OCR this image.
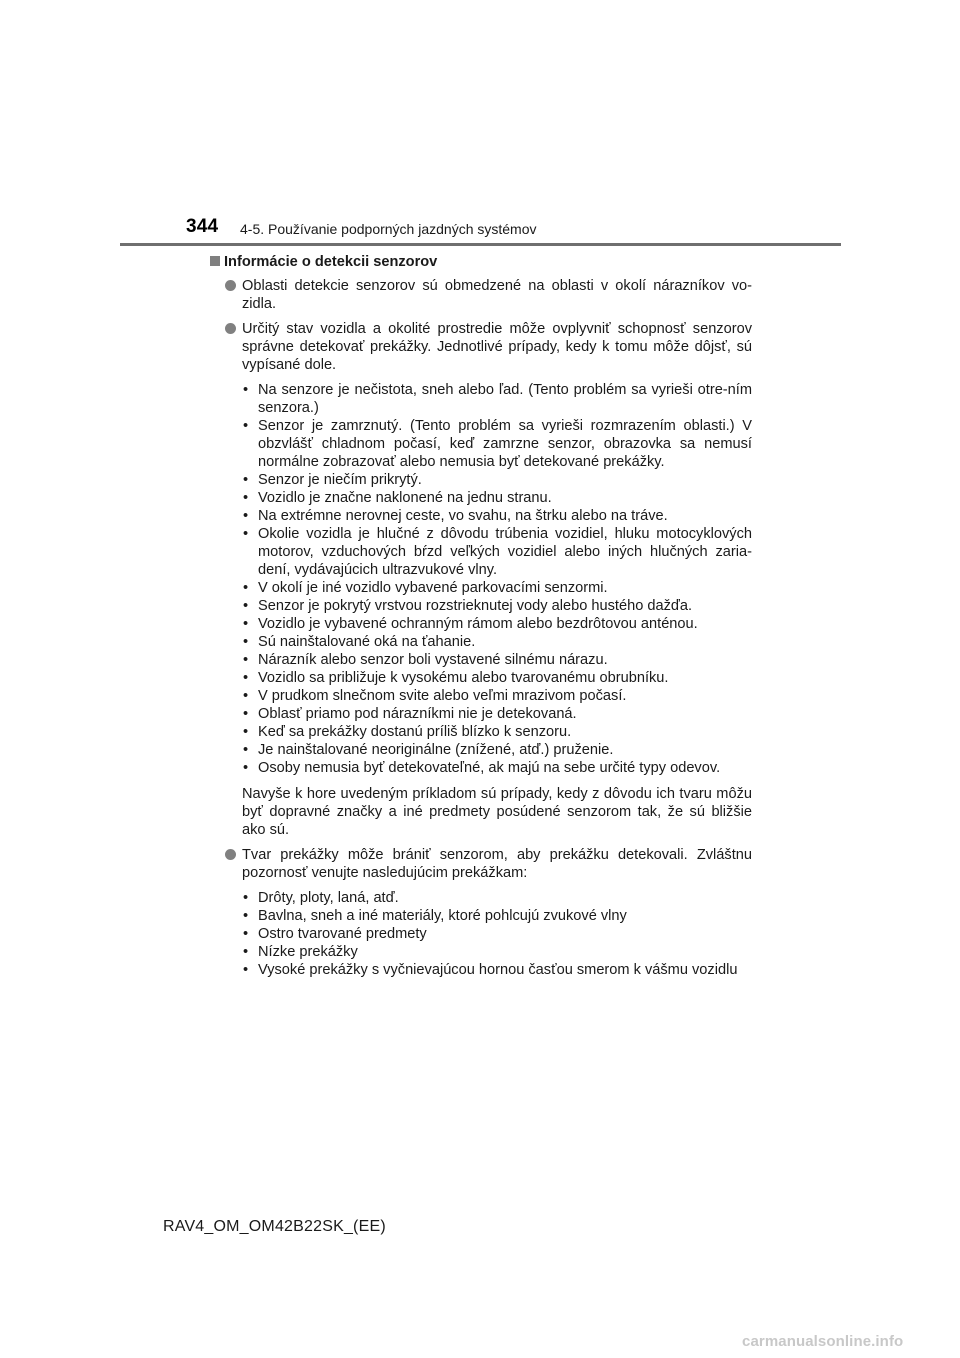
344 4-5. Používanie podporných jazdných systémov
Informácie o detekcii senzorov
Oblasti detekcie senzorov sú obmedzené na oblasti v okolí nárazníkov vo-zidla.
Určitý stav vozidla a okolité prostredie môže ovplyvniť schopnosť senzorov správne detekovať prekážky. Jednotlivé prípady, kedy k tomu môže dôjsť, sú vypísané dole.
• Na senzore je nečistota, sneh alebo ľad. (Tento problém sa vyrieši otre-ním senzora.)
• Senzor je zamrznutý. (Tento problém sa vyrieši rozmrazením oblasti.) V obzvlášť chladnom počasí, keď zamrzne senzor, obrazovka sa nemusí normálne zobrazovať alebo nemusia byť detekované prekážky.
• Senzor je niečím prikrytý.
• Vozidlo je značne naklonené na jednu stranu.
• Na extrémne nerovnej ceste, vo svahu, na štrku alebo na tráve.
• Okolie vozidla je hlučné z dôvodu trúbenia vozidiel, hluku motocyklových motorov, vzduchových bŕzd veľkých vozidiel alebo iných hlučných zaria-dení, vydávajúcich ultrazvukové vlny.
• V okolí je iné vozidlo vybavené parkovacími senzormi.
• Senzor je pokrytý vrstvou rozstrieknutej vody alebo hustého dažďa.
• Vozidlo je vybavené ochranným rámom alebo bezdrôtovou anténou.
• Sú nainštalované oká na ťahanie.
• Nárazník alebo senzor boli vystavené silnému nárazu.
• Vozidlo sa približuje k vysokému alebo tvarovanému obrubníku.
• V prudkom slnečnom svite alebo veľmi mrazivom počasí.
• Oblasť priamo pod nárazníkmi nie je detekovaná.
• Keď sa prekážky dostanú príliš blízko k senzoru.
• Je nainštalované neoriginálne (znížené, atď.) pruženie.
• Osoby nemusia byť detekovateľné, ak majú na sebe určité typy odevov.
Navyše k hore uvedeným príkladom sú prípady, kedy z dôvodu ich tvaru môžu byť dopravné značky a iné predmety posúdené senzorom tak, že sú bližšie ako sú.
Tvar prekážky môže brániť senzorom, aby prekážku detekovali. Zvláštnu pozornosť venujte nasledujúcim prekážkam:
• Drôty, ploty, laná, atď.
• Bavlna, sneh a iné materiály, ktoré pohlcujú zvukové vlny
• Ostro tvarované predmety
• Nízke prekážky
• Vysoké prekážky s vyčnievajúcou hornou časťou smerom k vášmu vozidlu
RAV4_OM_OM42B22SK_(EE)
carmanualsonline.info
